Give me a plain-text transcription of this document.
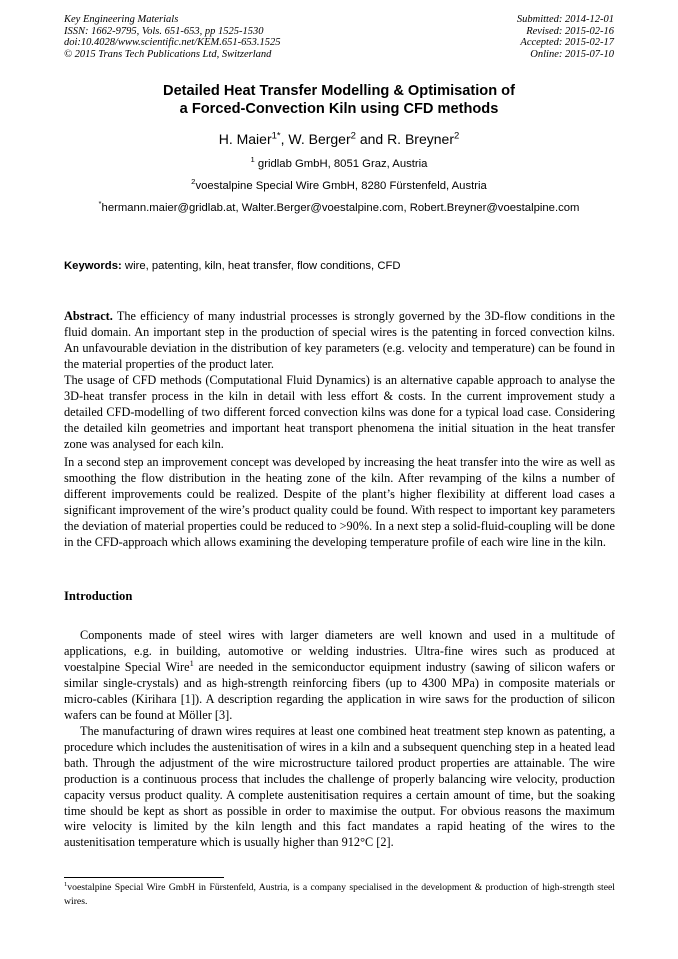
Key Engineering Materials
ISSN: 1662-9795, Vols. 651-653, pp 1525-1530
doi:10.4028/www.scientific.net/KEM.651-653.1525
© 2015 Trans Tech Publications Ltd, Switzerland
Submitted: 2014-12-01
Revised: 2015-02-16
Accepted: 2015-02-17
Online: 2015-07-10
Detailed Heat Transfer Modelling & Optimisation of
a Forced-Convection Kiln using CFD methods
H. Maier$^{1*}$, W. Berger$^2$ and R. Breyner$^2$
$^1$ gridlab GmbH, 8051 Graz, Austria
$^2$voestalpine Special Wire GmbH, 8280 Fürstenfeld, Austria
*hermann.maier@gridlab.at, Walter.Berger@voestalpine.com, Robert.Breyner@voestalpine.com
Keywords: wire, patenting, kiln, heat transfer, flow conditions, CFD
Abstract. The efficiency of many industrial processes is strongly governed by the 3D-flow conditions in the fluid domain. An important step in the production of special wires is the patenting in forced convection kilns. An unfavourable deviation in the distribution of key parameters (e.g. velocity and temperature) can be found in the material properties of the product later.
The usage of CFD methods (Computational Fluid Dynamics) is an alternative capable approach to analyse the 3D-heat transfer process in the kiln in detail with less effort & costs. In the current improvement study a detailed CFD-modelling of two different forced convection kilns was done for a typical load case. Considering the detailed kiln geometries and important heat transport phenomena the initial situation in the heat transfer zone was analysed for each kiln.
In a second step an improvement concept was developed by increasing the heat transfer into the wire as well as smoothing the flow distribution in the heating zone of the kiln. After revamping of the kilns a number of different improvements could be realized. Despite of the plant’s higher flexibility at different load cases a significant improvement of the wire’s product quality could be found. With respect to important key parameters the deviation of material properties could be reduced to >90%. In a next step a solid-fluid-coupling will be done in the CFD-approach which allows examining the developing temperature profile of each wire line in the kiln.
Introduction
Components made of steel wires with larger diameters are well known and used in a multitude of applications, e.g. in building, automotive or welding industries. Ultra-fine wires such as produced at voestalpine Special Wire$^1$ are needed in the semiconductor equipment industry (sawing of silicon wafers or similar single-crystals) and as high-strength reinforcing fibers (up to 4300 MPa) in composite materials or micro-cables (Kirihara [1]). A description regarding the application in wire saws for the production of silicon wafers can be found at Möller [3].
The manufacturing of drawn wires requires at least one combined heat treatment step known as patenting, a procedure which includes the austenitisation of wires in a kiln and a subsequent quenching step in a heated lead bath. Through the adjustment of the wire microstructure tailored product properties are attainable. The wire production is a continuous process that includes the challenge of properly balancing wire velocity, production capacity versus product quality. A complete austenitisation requires a certain amount of time, but the soaking time should be kept as short as possible in order to maximise the output. For obvious reasons the maximum wire velocity is limited by the kiln length and this fact mandates a rapid heating of the wires to the austenitisation temperature which is usually higher than 912°C [2].
$^1$voestalpine Special Wire GmbH in Fürstenfeld, Austria, is a company specialised in the development & production of high-strength steel wires.
